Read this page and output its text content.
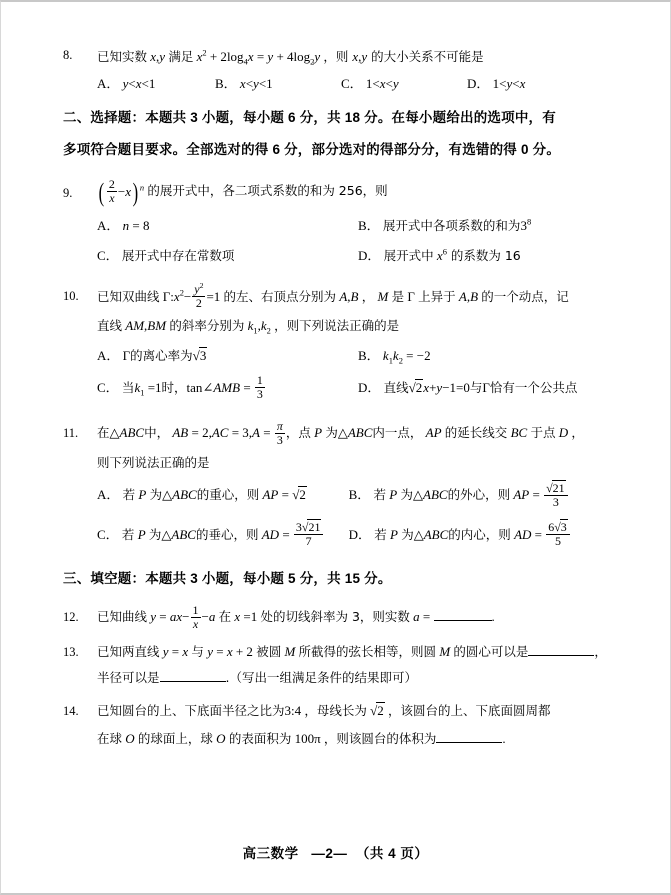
8.	已知实数 x,y 满足 $x^2 + 2\log_4x = y + 4\log_2y$ ，则 x,y 的大小关系不可能是
A． y<x<1	B． x<y<1	C． 1<x<y	D． 1<y<x
二、选择题：本题共 3 小题，每小题 6 分，共 18 分。在每小题给出的选项中，有
多项符合题目要求。全部选对的得 6 分，部分选对的得部分分，有选错的得 0 分。
9. ( $\frac{2}{x} -x$) $^n$ 的展开式中，各二项式系数的和为 256，则
A． n = 8	B． 展开式中各项系数的和为$3^8$
C． 展开式中存在常数项	D． 展开式中 $x^6$ 的系数为 16
10.	已知双曲线 $\Gamma:x^2- \frac{y^2}{2} =1$ 的左、右顶点分别为 A,B ， M 是 Γ 上异于 A,B 的一个动点，记
直线 AM,BM 的斜率分别为 $k_1,k_2$ ，则下列说法正确的是
A． Γ的离心率为√3	B． $k_1k_2 = -2$
C． 当$k_1 =1$时，tan∠AMB = $\frac{1}{3}$	D． 直线√2x+y−1=0与Γ恰有一个公共点
11.	在△ABC中， AB = $2,AC = 3,A = \frac{\pi}{3}$ ，点 P 为△ABC内一点， AP 的延长线交 BC 于点 D ，
则下列说法正确的是
A． 若 P 为△ABC的重心，则 AP = √2	B． 若 P 为△ABC的外心，则 AP = $\frac{√21}{3}$
C． 若 P 为△ABC的垂心，则 AD = $\frac{3√21}{7}$ D． 若 P 为△ABC的内心，则 AD = $\frac{6√3}{5}$
三、填空题：本题共 3 小题，每小题 5 分，共 15 分。
12.	已知曲线 $y = ax- \frac{1}{x} -a$ 在 x =1 处的切线斜率为 3，则实数 a =	.
13.	已知两直线 y = x 与 y = x + 2 被圆 M 所截得的弦长相等，则圆 M 的圆心可以是	，
半径可以是	.（写出一组满足条件的结果即可）
14.	已知圆台的上、下底面半径之比为3:4 ，母线长为 √2 ，该圆台的上、下底面圆周都
在球 O 的球面上，球 O 的表面积为 100π ，则该圆台的体积为	.
高三数学 —2— （共 4 页）
